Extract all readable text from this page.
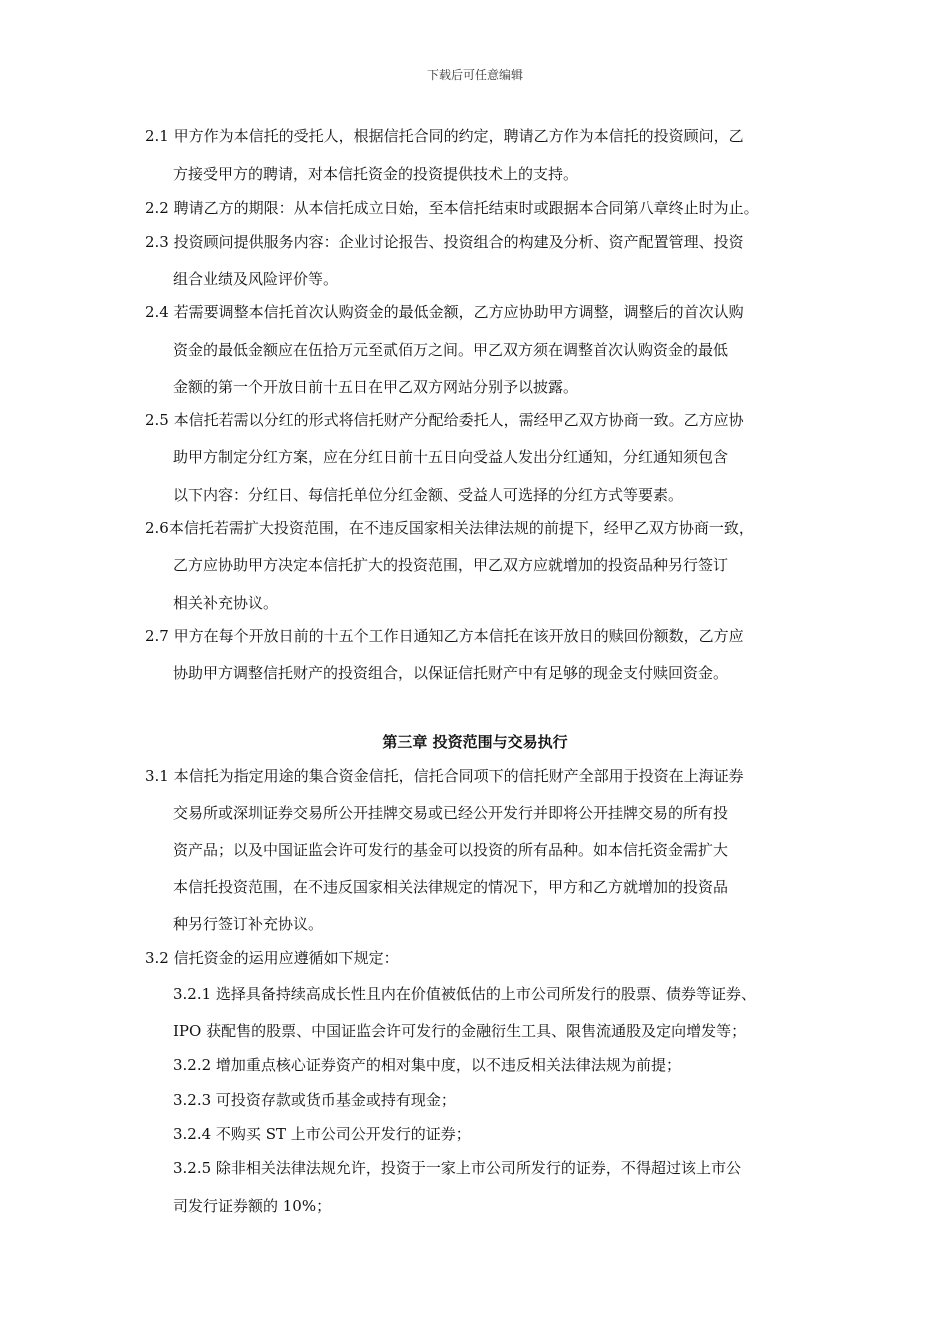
下载后可任意编辑
2.1 甲方作为本信托的受托人，根据信托合同的约定，聘请乙方作为本信托的投资顾问，乙
方接受甲方的聘请，对本信托资金的投资提供技术上的支持。
2.2 聘请乙方的期限：从本信托成立日始，至本信托结束时或跟据本合同第八章终止时为止。
2.3 投资顾问提供服务内容：企业讨论报告、投资组合的构建及分析、资产配置管理、投资
组合业绩及风险评价等。
2.4 若需要调整本信托首次认购资金的最低金额，乙方应协助甲方调整，调整后的首次认购
资金的最低金额应在伍拾万元至贰佰万之间。甲乙双方须在调整首次认购资金的最低
金额的第一个开放日前十五日在甲乙双方网站分别予以披露。
2.5 本信托若需以分红的形式将信托财产分配给委托人，需经甲乙双方协商一致。乙方应协
助甲方制定分红方案，应在分红日前十五日向受益人发出分红通知，分红通知须包含
以下内容：分红日、每信托单位分红金额、受益人可选择的分红方式等要素。
2.6本信托若需扩大投资范围，在不违反国家相关法律法规的前提下，经甲乙双方协商一致，
乙方应协助甲方决定本信托扩大的投资范围，甲乙双方应就增加的投资品种另行签订
相关补充协议。
2.7 甲方在每个开放日前的十五个工作日通知乙方本信托在该开放日的赎回份额数，乙方应
协助甲方调整信托财产的投资组合，以保证信托财产中有足够的现金支付赎回资金。
第三章 投资范围与交易执行
3.1 本信托为指定用途的集合资金信托，信托合同项下的信托财产全部用于投资在上海证券
交易所或深圳证券交易所公开挂牌交易或已经公开发行并即将公开挂牌交易的所有投
资产品；以及中国证监会许可发行的基金可以投资的所有品种。如本信托资金需扩大
本信托投资范围，在不违反国家相关法律规定的情况下，甲方和乙方就增加的投资品
种另行签订补充协议。
3.2 信托资金的运用应遵循如下规定：
3.2.1 选择具备持续高成长性且内在价值被低估的上市公司所发行的股票、债券等证券、
IPO 获配售的股票、中国证监会许可发行的金融衍生工具、限售流通股及定向增发等；
3.2.2 增加重点核心证券资产的相对集中度，以不违反相关法律法规为前提；
3.2.3 可投资存款或货币基金或持有现金；
3.2.4 不购买 ST 上市公司公开发行的证券；
3.2.5 除非相关法律法规允许，投资于一家上市公司所发行的证券，不得超过该上市公
司发行证券额的 10%；
